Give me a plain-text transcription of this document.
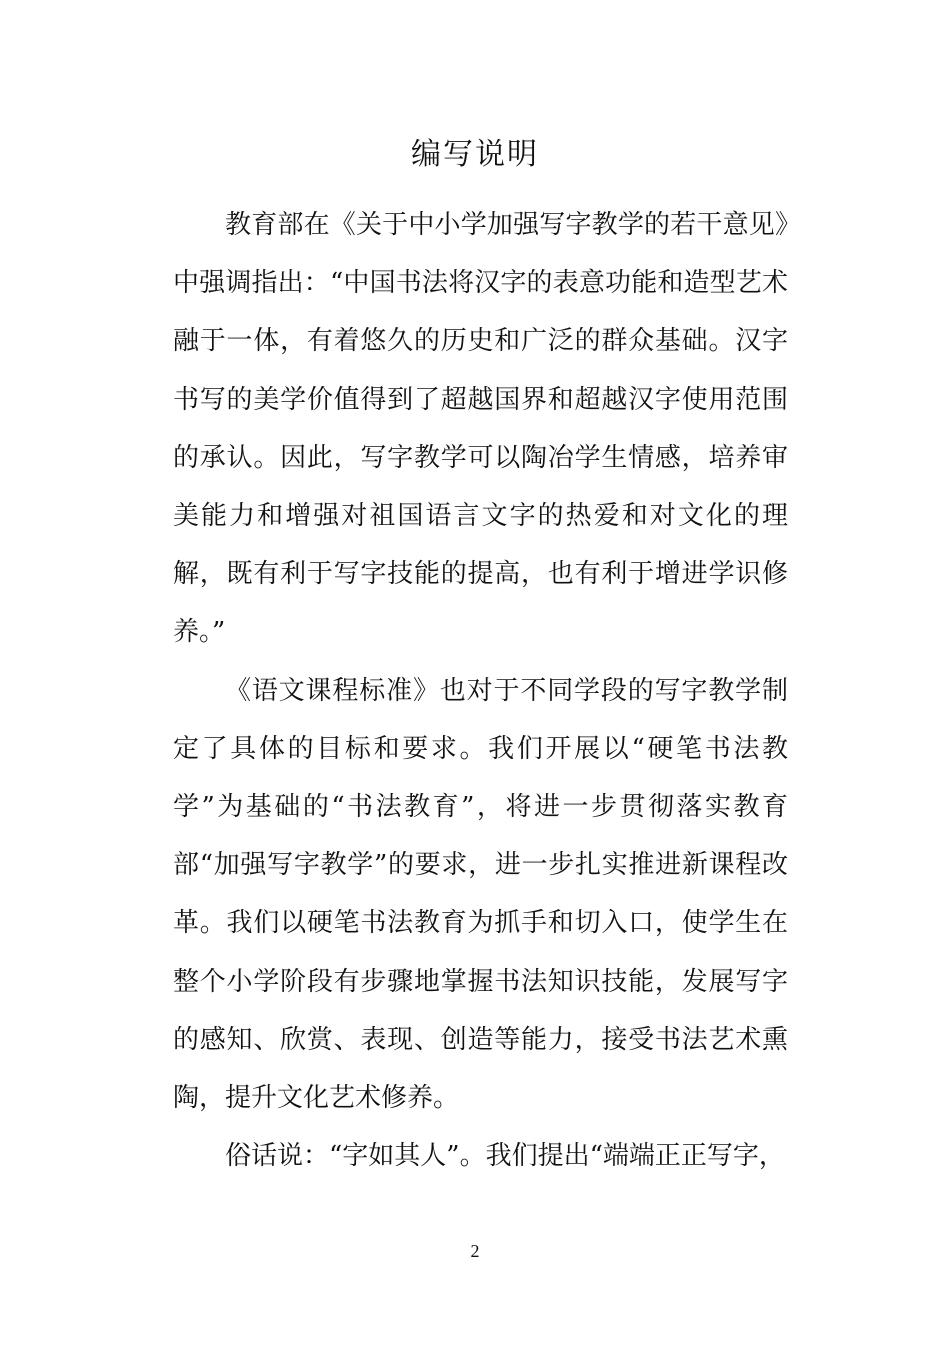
编写说明

教育部在《关于中小学加强写字教学的若干意见》中强调指出：“中国书法将汉字的表意功能和造型艺术融于一体，有着悠久的历史和广泛的群众基础。汉字书写的美学价值得到了超越国界和超越汉字使用范围的承认。因此，写字教学可以陶冶学生情感，培养审美能力和增强对祖国语言文字的热爱和对文化的理解，既有利于写字技能的提高，也有利于增进学识修养。”

《语文课程标准》也对于不同学段的写字教学制定了具体的目标和要求。我们开展以“硬笔书法教学”为基础的“书法教育”，将进一步贯彻落实教育部“加强写字教学”的要求，进一步扎实推进新课程改革。我们以硬笔书法教育为抓手和切入口，使学生在整个小学阶段有步骤地掌握书法知识技能，发展写字的感知、欣赏、表现、创造等能力，接受书法艺术熏陶，提升文化艺术修养。

俗话说：“字如其人”。我们提出“端端正正写字，

2
